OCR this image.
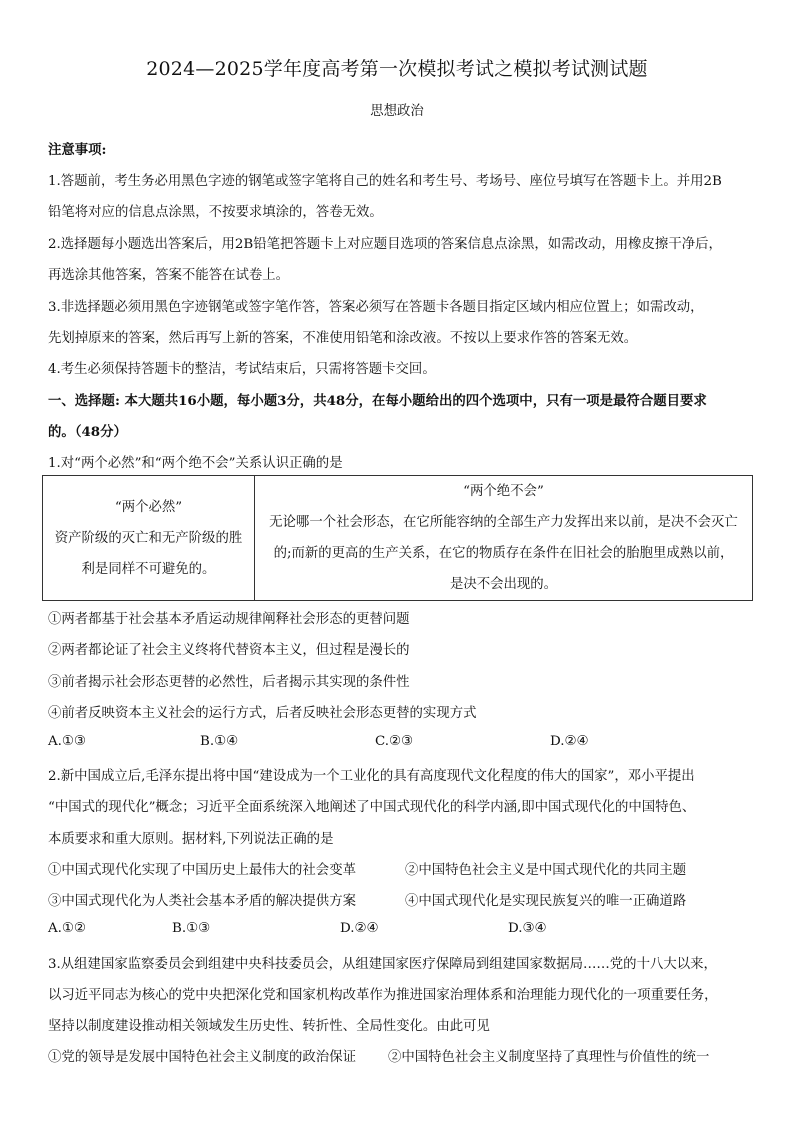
2024—2025学年度高考第一次模拟考试之模拟考试测试题
思想政治
注意事项:
1.答题前，考生务必用黑色字迹的钢笔或签字笔将自己的姓名和考生号、考场号、座位号填写在答题卡上。并用2B
铅笔将对应的信息点涂黑，不按要求填涂的，答卷无效。
2.选择题每小题选出答案后，用2B铅笔把答题卡上对应题目选项的答案信息点涂黑，如需改动，用橡皮擦干净后，
再选涂其他答案，答案不能答在试卷上。
3.非选择题必须用黑色字迹钢笔或签字笔作答，答案必须写在答题卡各题目指定区域内相应位置上；如需改动，
先划掉原来的答案，然后再写上新的答案，不准使用铅笔和涂改液。不按以上要求作答的答案无效。
4.考生必须保持答题卡的整洁，考试结束后，只需将答题卡交回。
一、选择题: 本大题共16小题，每小题3分，共48分，在每小题给出的四个选项中，只有一项是最符合题目要求
的。（48分）
1.对“两个必然”和“两个绝不会”关系认识正确的是
“两个必然”
资产阶级的灭亡和无产阶级的胜
利是同样不可避免的。

“两个绝不会”
无论哪一个社会形态，在它所能容纳的全部生产力发挥出来以前，是决不会灭亡
的;而新的更高的生产关系，在它的物质存在条件在旧社会的胎胞里成熟以前，
是决不会出现的。
①两者都基于社会基本矛盾运动规律阐释社会形态的更替问题
②两者都论证了社会主义终将代替资本主义，但过程是漫长的
③前者揭示社会形态更替的必然性，后者揭示其实现的条件性
④前者反映资本主义社会的运行方式，后者反映社会形态更替的实现方式
A.①③	B.①④	C.②③	D.②④
2.新中国成立后,毛泽东提出将中国“建设成为一个工业化的具有高度现代文化程度的伟大的国家”，邓小平提出
“中国式的现代化”概念；习近平全面系统深入地阐述了中国式现代化的科学内涵,即中国式现代化的中国特色、
本质要求和重大原则。据材料,下列说法正确的是
①中国式现代化实现了中国历史上最伟大的社会变革	②中国特色社会主义是中国式现代化的共同主题
③中国式现代化为人类社会基本矛盾的解决提供方案	④中国式现代化是实现民族复兴的唯一正确道路
A.①②	B.①③	D.②④	D.③④
3.从组建国家监察委员会到组建中央科技委员会，从组建国家医疗保障局到组建国家数据局……党的十八大以来，
以习近平同志为核心的党中央把深化党和国家机构改革作为推进国家治理体系和治理能力现代化的一项重要任务，
坚持以制度建设推动相关领域发生历史性、转折性、全局性变化。由此可见
①党的领导是发展中国特色社会主义制度的政治保证 ②中国特色社会主义制度坚持了真理性与价值性的统一
